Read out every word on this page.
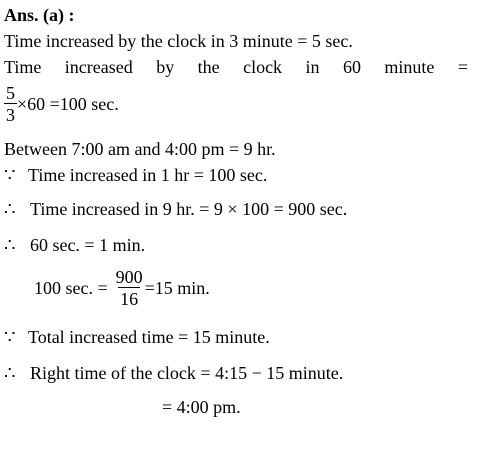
Ans. (a) :
Time increased by the clock in 3 minute = 5 sec.
Time increased by the clock in 60 minute =
$\frac{5}{3} \times 60 =100$ sec.
Between 7:00 am and 4:00 pm = 9 hr.
∵ Time increased in 1 hr = 100 sec.
∴ Time increased in 9 hr. = 9 × 100 = 900 sec.
∴ 60 sec. = 1 min.
100 sec. = $\frac{900}{16} =15$ min.
∵ Total increased time = 15 minute.
∴ Right time of the clock = 4:15 − 15 minute.
= 4:00 pm.
